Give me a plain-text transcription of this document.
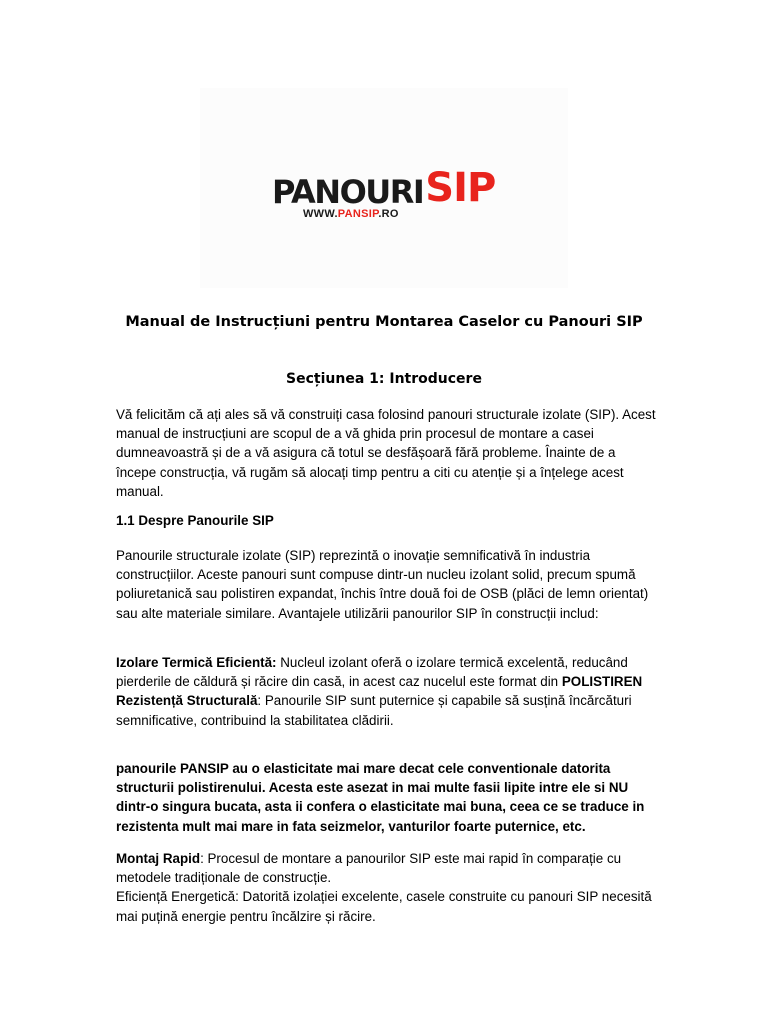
PANOURI SIP
WWW.PANSIP.RO
Manual de Instrucțiuni pentru Montarea Caselor cu Panouri SIP
Secțiunea 1: Introducere

Vă felicităm că ați ales să vă construiți casa folosind panouri structurale izolate (SIP). Acest manual de instrucțiuni are scopul de a vă ghida prin procesul de montare a casei dumneavoastră și de a vă asigura că totul se desfășoară fără probleme. Înainte de a începe construcția, vă rugăm să alocați timp pentru a citi cu atenție și a înțelege acest manual.

1.1 Despre Panourile SIP

Panourile structurale izolate (SIP) reprezintă o inovație semnificativă în industria construcțiilor. Aceste panouri sunt compuse dintr-un nucleu izolant solid, precum spumă poliuretanică sau polistiren expandat, închis între două foi de OSB (plăci de lemn orientat) sau alte materiale similare. Avantajele utilizării panourilor SIP în construcții includ:

Izolare Termică Eficientă: Nucleul izolant oferă o izolare termică excelentă, reducând pierderile de căldură și răcire din casă, in acest caz nucelul este format din POLISTIREN
Rezistență Structurală: Panourile SIP sunt puternice și capabile să susțină încărcături semnificative, contribuind la stabilitatea clădirii.

panourile PANSIP au o elasticitate mai mare decat cele conventionale datorita structurii polistirenului. Acesta este asezat in mai multe fasii lipite intre ele si NU dintr-o singura bucata, asta ii confera o elasticitate mai buna, ceea ce se traduce in rezistenta mult mai mare in fata seizmelor, vanturilor foarte puternice, etc.

Montaj Rapid: Procesul de montare a panourilor SIP este mai rapid în comparație cu metodele tradiționale de construcție.
Eficiență Energetică: Datorită izolației excelente, casele construite cu panouri SIP necesită mai puțină energie pentru încălzire și răcire.
